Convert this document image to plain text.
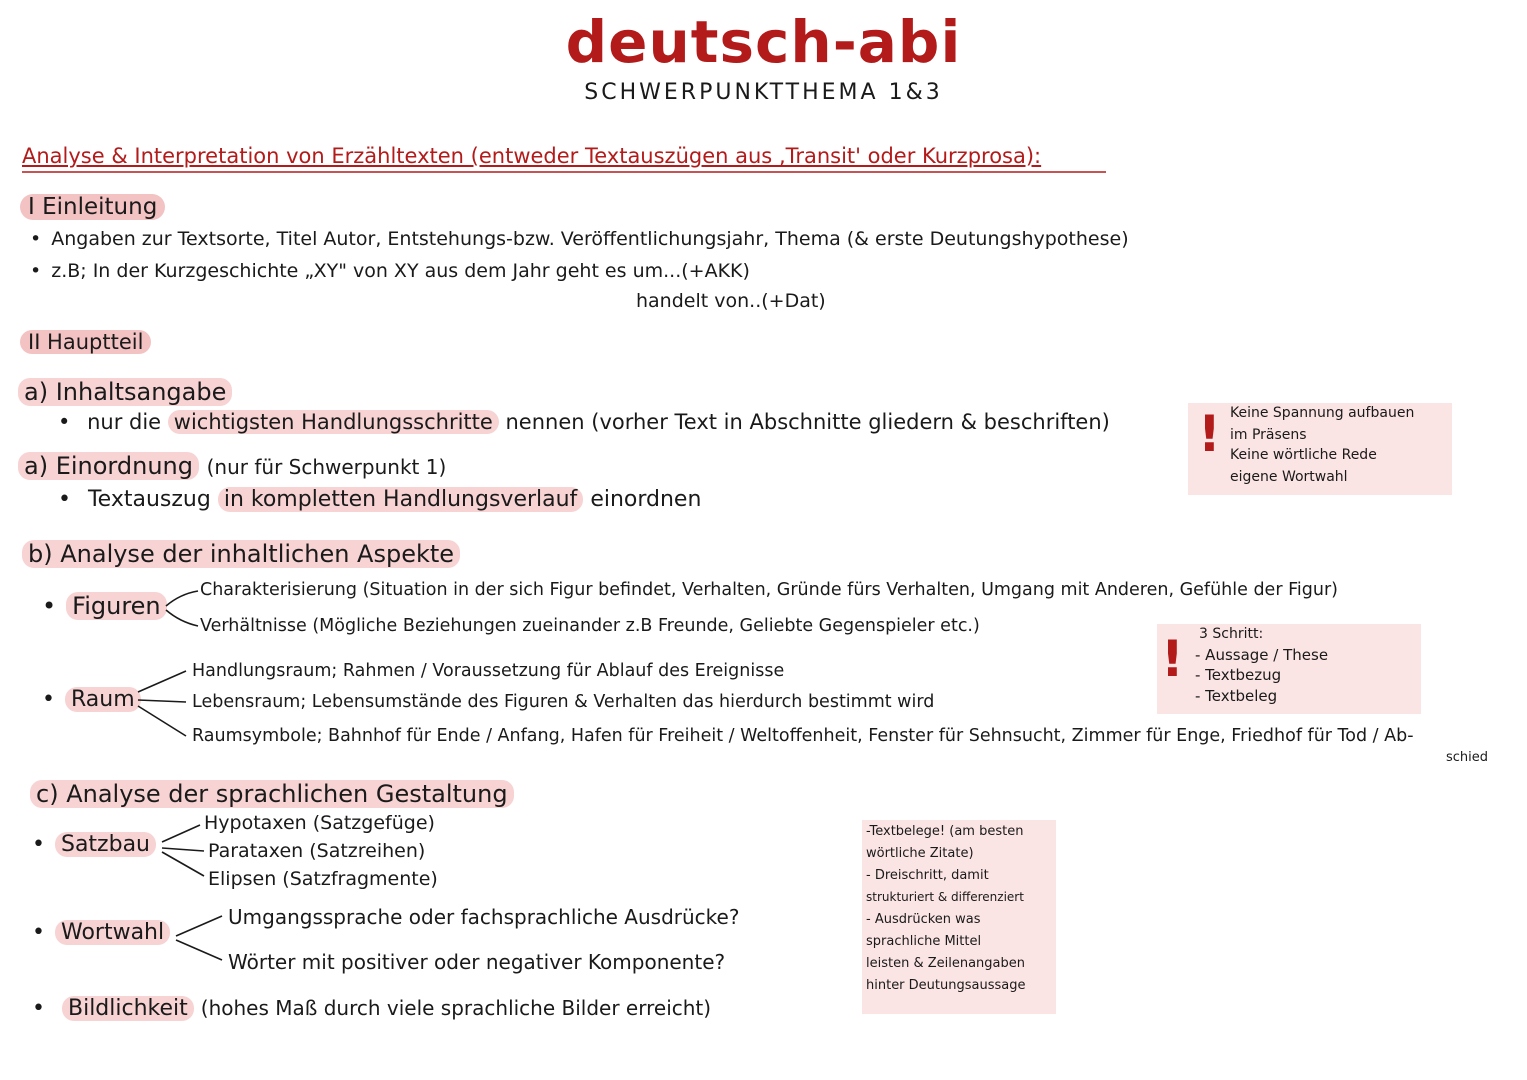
deutsch-abi
SCHWERPUNKTTHEMA 1&3
Analyse & Interpretation von Erzähltexten (entweder Textauszügen aus ‚Transit' oder Kurzprosa):
I Einleitung
• Angaben zur Textsorte, Titel Autor, Entstehungs-bzw. Veröffentlichungsjahr, Thema (& erste Deutungshypothese)
• z.B; In der Kurzgeschichte „XY" von XY aus dem Jahr geht es um...(+AKK)
handelt von..(+Dat)
II Hauptteil
a) Inhaltsangabe
• nur die wichtigsten Handlungsschritte nennen (vorher Text in Abschnitte gliedern & beschriften)
a) Einordnung (nur für Schwerpunkt 1)
• Textauszug in kompletten Handlungsverlauf einordnen
b) Analyse der inhaltlichen Aspekte
• Figuren
Charakterisierung (Situation in der sich Figur befindet, Verhalten, Gründe fürs Verhalten, Umgang mit Anderen, Gefühle der Figur)
Verhältnisse (Mögliche Beziehungen zueinander z.B Freunde, Geliebte Gegenspieler etc.)
• Raum
Handlungsraum; Rahmen / Voraussetzung für Ablauf des Ereignisse
Lebensraum; Lebensumstände des Figuren & Verhalten das hierdurch bestimmt wird
Raumsymbole; Bahnhof für Ende / Anfang, Hafen für Freiheit / Weltoffenheit, Fenster für Sehnsucht, Zimmer für Enge, Friedhof für Tod / Ab-
schied
c) Analyse der sprachlichen Gestaltung
• Satzbau
Hypotaxen (Satzgefüge)
Parataxen (Satzreihen)
Elipsen (Satzfragmente)
• Wortwahl
Umgangssprache oder fachsprachliche Ausdrücke?
Wörter mit positiver oder negativer Komponente?
• Bildlichkeit (hohes Maß durch viele sprachliche Bilder erreicht)
! Keine Spannung aufbauen
im Präsens
Keine wörtliche Rede
eigene Wortwahl
! 3 Schritt:
- Aussage / These
- Textbezug
- Textbeleg
-Textbelege! (am besten
wörtliche Zitate)
- Dreischritt, damit
strukturiert & differenziert
- Ausdrücken was
sprachliche Mittel
leisten & Zeilenangaben
hinter Deutungsaussage
